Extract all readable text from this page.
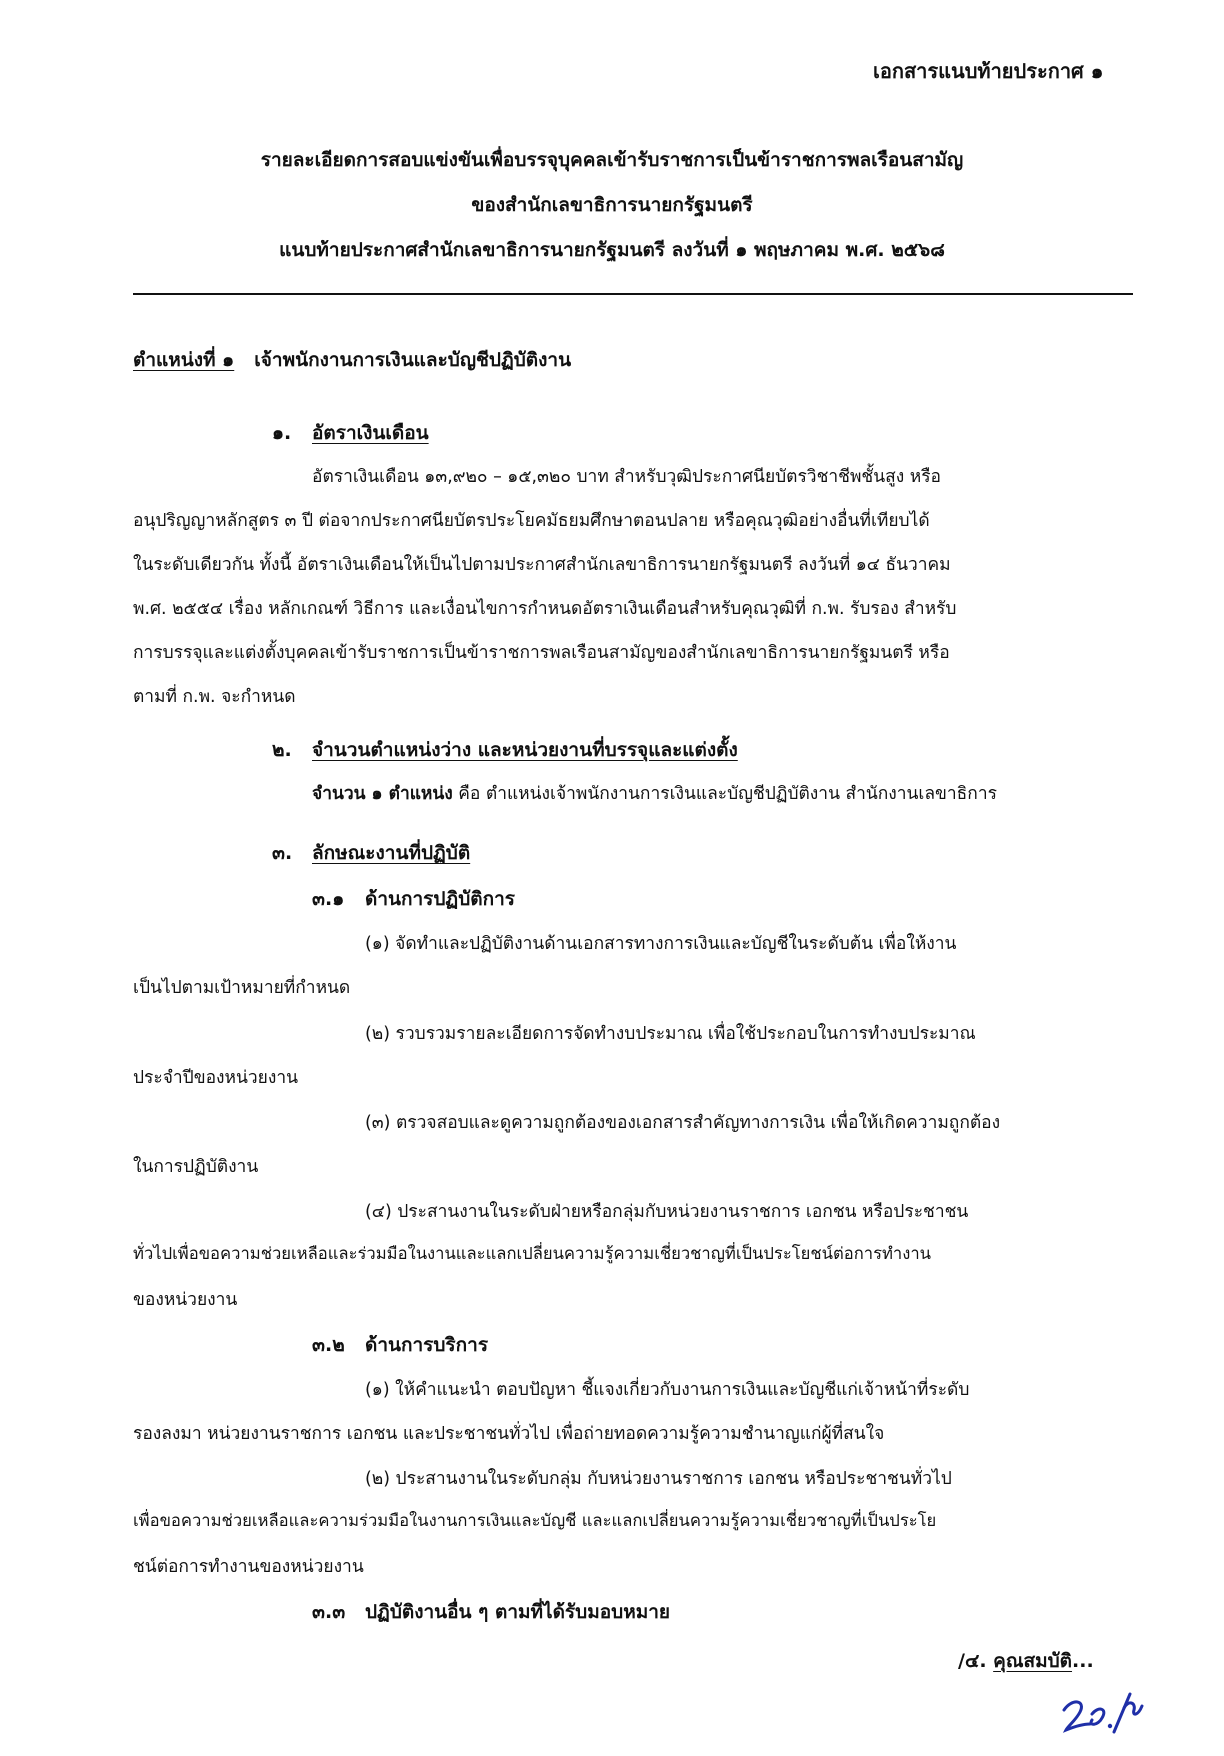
เอกสารแนบท้ายประกาศ ๑
รายละเอียดการสอบแข่งขันเพื่อบรรจุบุคคลเข้ารับราชการเป็นข้าราชการพลเรือนสามัญ
ของสำนักเลขาธิการนายกรัฐมนตรี
แนบท้ายประกาศสำนักเลขาธิการนายกรัฐมนตรี ลงวันที่ ๑ พฤษภาคม พ.ศ. ๒๕๖๘
ตำแหน่งที่ ๑ เจ้าพนักงานการเงินและบัญชีปฏิบัติงาน
๑. อัตราเงินเดือน
อัตราเงินเดือน ๑๓,๙๒๐ – ๑๕,๓๒๐ บาท สำหรับวุฒิประกาศนียบัตรวิชาชีพชั้นสูง หรือ
อนุปริญญาหลักสูตร ๓ ปี ต่อจากประกาศนียบัตรประโยคมัธยมศึกษาตอนปลาย หรือคุณวุฒิอย่างอื่นที่เทียบได้
ในระดับเดียวกัน ทั้งนี้ อัตราเงินเดือนให้เป็นไปตามประกาศสำนักเลขาธิการนายกรัฐมนตรี ลงวันที่ ๑๔ ธันวาคม
พ.ศ. ๒๕๕๔ เรื่อง หลักเกณฑ์ วิธีการ และเงื่อนไขการกำหนดอัตราเงินเดือนสำหรับคุณวุฒิที่ ก.พ. รับรอง สำหรับ
การบรรจุและแต่งตั้งบุคคลเข้ารับราชการเป็นข้าราชการพลเรือนสามัญของสำนักเลขาธิการนายกรัฐมนตรี หรือ
ตามที่ ก.พ. จะกำหนด
๒. จำนวนตำแหน่งว่าง และหน่วยงานที่บรรจุและแต่งตั้ง
จำนวน ๑ ตำแหน่ง คือ ตำแหน่งเจ้าพนักงานการเงินและบัญชีปฏิบัติงาน สำนักงานเลขาธิการ
๓. ลักษณะงานที่ปฏิบัติ
๓.๑ ด้านการปฏิบัติการ
(๑) จัดทำและปฏิบัติงานด้านเอกสารทางการเงินและบัญชีในระดับต้น เพื่อให้งาน
เป็นไปตามเป้าหมายที่กำหนด
(๒) รวบรวมรายละเอียดการจัดทำงบประมาณ เพื่อใช้ประกอบในการทำงบประมาณ
ประจำปีของหน่วยงาน
(๓) ตรวจสอบและดูความถูกต้องของเอกสารสำคัญทางการเงิน เพื่อให้เกิดความถูกต้อง
ในการปฏิบัติงาน
(๔) ประสานงานในระดับฝ่ายหรือกลุ่มกับหน่วยงานราชการ เอกชน หรือประชาชน
ทั่วไปเพื่อขอความช่วยเหลือและร่วมมือในงานและแลกเปลี่ยนความรู้ความเชี่ยวชาญที่เป็นประโยชน์ต่อการทำงาน
ของหน่วยงาน
๓.๒ ด้านการบริการ
(๑) ให้คำแนะนำ ตอบปัญหา ชี้แจงเกี่ยวกับงานการเงินและบัญชีแก่เจ้าหน้าที่ระดับ
รองลงมา หน่วยงานราชการ เอกชน และประชาชนทั่วไป เพื่อถ่ายทอดความรู้ความชำนาญแก่ผู้ที่สนใจ
(๒) ประสานงานในระดับกลุ่ม กับหน่วยงานราชการ เอกชน หรือประชาชนทั่วไป
เพื่อขอความช่วยเหลือและความร่วมมือในงานการเงินและบัญชี และแลกเปลี่ยนความรู้ความเชี่ยวชาญที่เป็นประโย
ชน์ต่อการทำงานของหน่วยงาน
๓.๓ ปฏิบัติงานอื่น ๆ ตามที่ได้รับมอบหมาย
/๔. คุณสมบัติ...
